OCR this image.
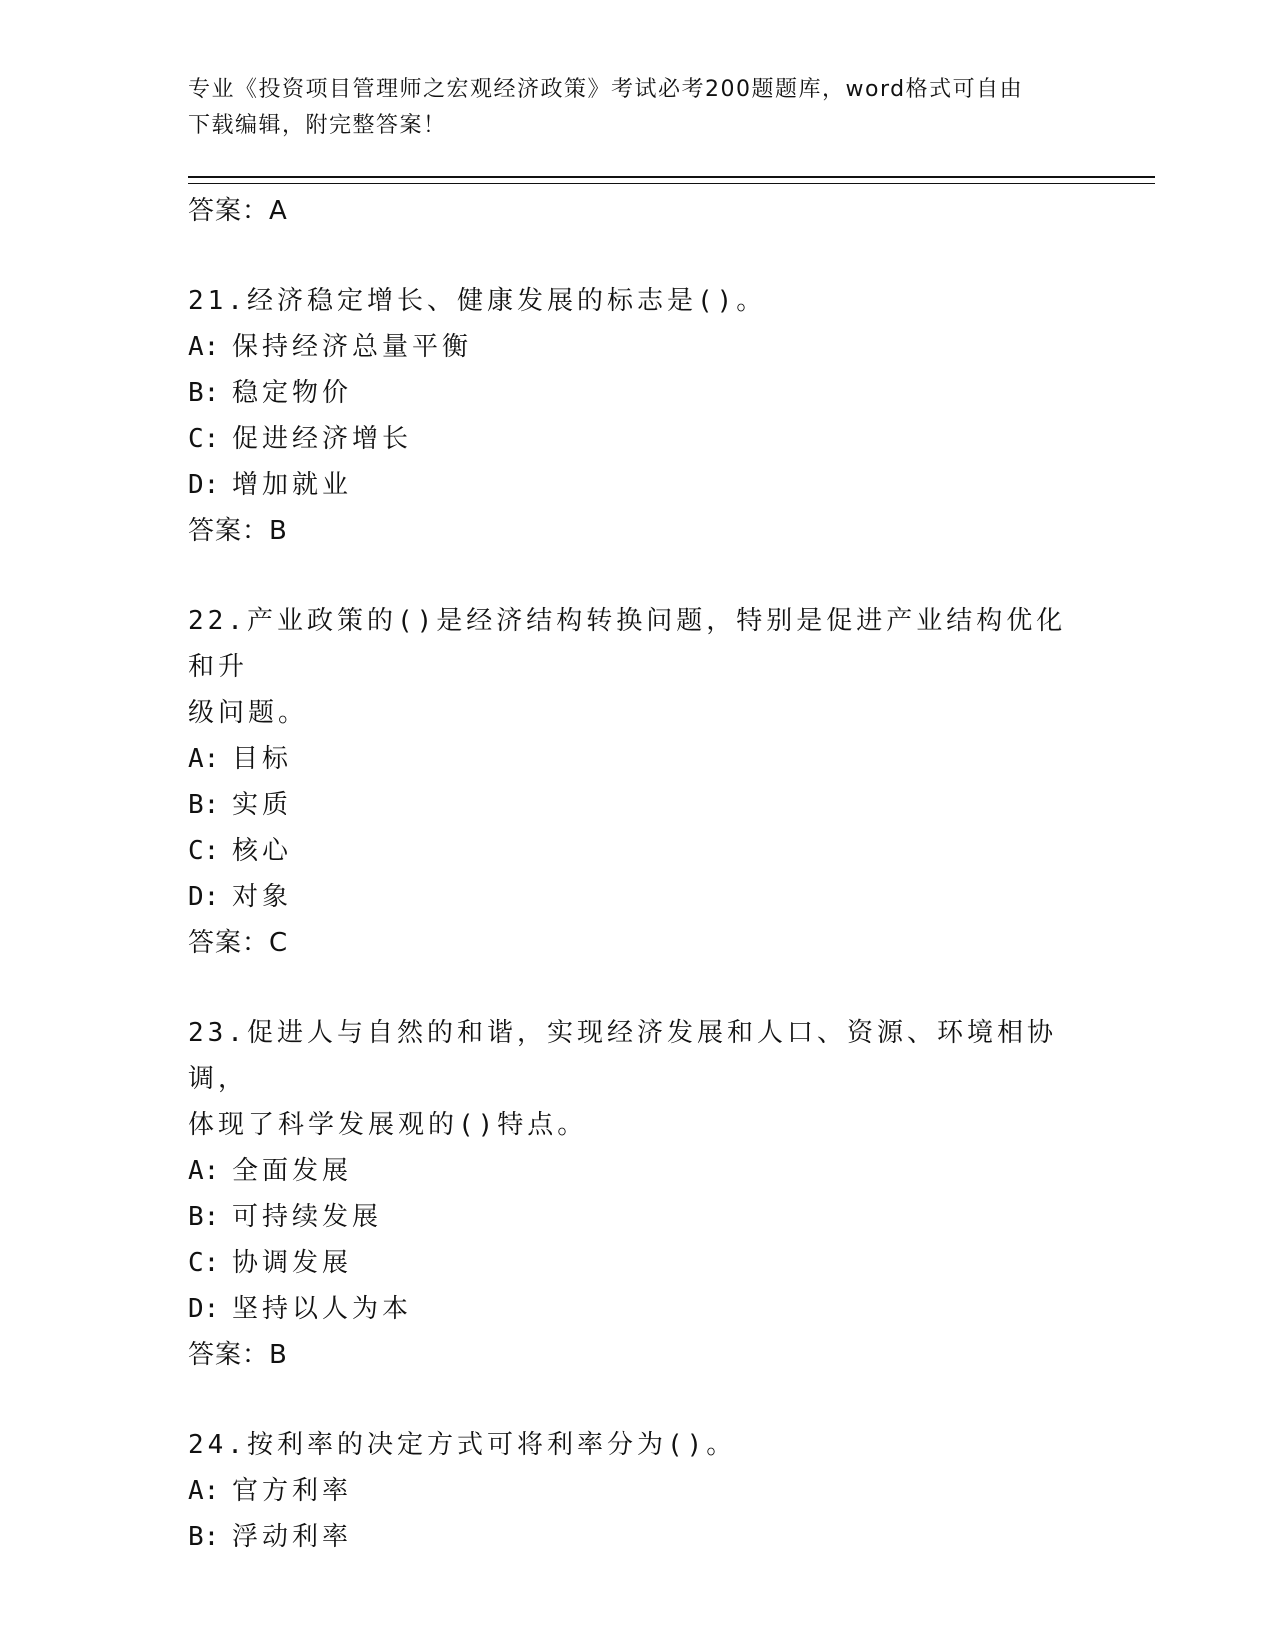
专业《投资项目管理师之宏观经济政策》考试必考200题题库，word格式可自由
下载编辑，附完整答案！
答案：A
21.经济稳定增长、健康发展的标志是()。
A: 保持经济总量平衡
B: 稳定物价
C: 促进经济增长
D: 增加就业
答案：B
22.产业政策的()是经济结构转换问题，特别是促进产业结构优化和升
级问题。
A: 目标
B: 实质
C: 核心
D: 对象
答案：C
23.促进人与自然的和谐，实现经济发展和人口、资源、环境相协调，
体现了科学发展观的()特点。
A: 全面发展
B: 可持续发展
C: 协调发展
D: 坚持以人为本
答案：B
24.按利率的决定方式可将利率分为()。
A: 官方利率
B: 浮动利率
